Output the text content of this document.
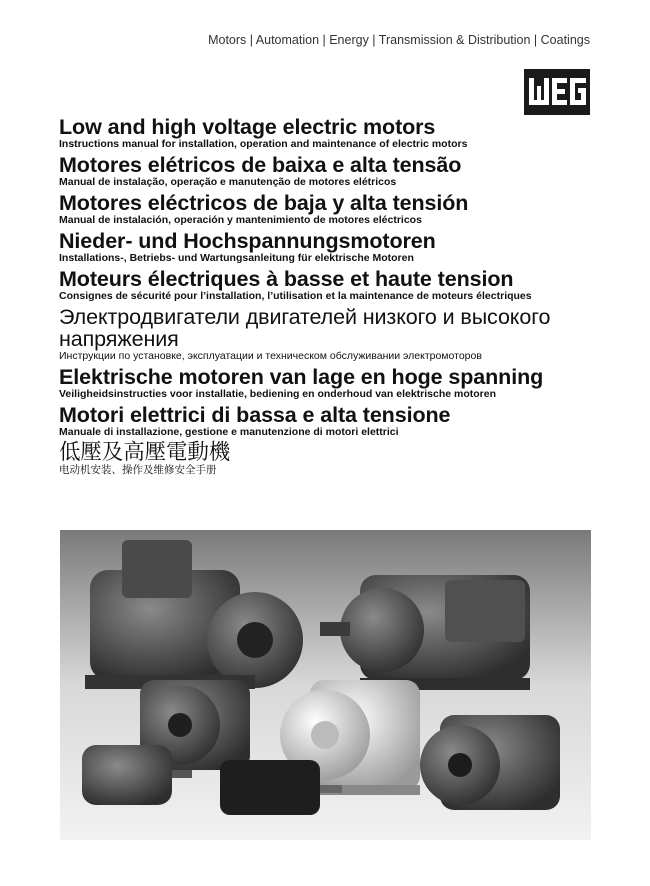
Motors | Automation | Energy | Transmission & Distribution | Coatings
Low and high voltage electric motors
Instructions manual for installation, operation and maintenance of electric motors
Motores elétricos de baixa e alta tensão
Manual de instalação, operação e manutenção de motores elétricos
Motores eléctricos de baja y alta tensión
Manual de instalación, operación y mantenimiento de motores eléctricos
Nieder- und Hochspannungsmotoren
Installations-, Betriebs- und Wartungsanleitung für elektrische Motoren
Moteurs électriques à basse et haute tension
Consignes de sécurité pour l’installation, l’utilisation et la maintenance de moteurs électriques
Электродвигатели двигателей низкого и высокого напряжения
Инструкции по установке, эксплуатации и техническом обслуживании электромоторов
Elektrische motoren van lage en hoge spanning
Veiligheidsinstructies voor installatie, bediening en onderhoud van elektrische motoren
Motori elettrici di bassa e alta tensione
Manuale di installazione, gestione e manutenzione di motori elettrici
低壓及高壓電動機
电动机安装、操作及维修安全手册
